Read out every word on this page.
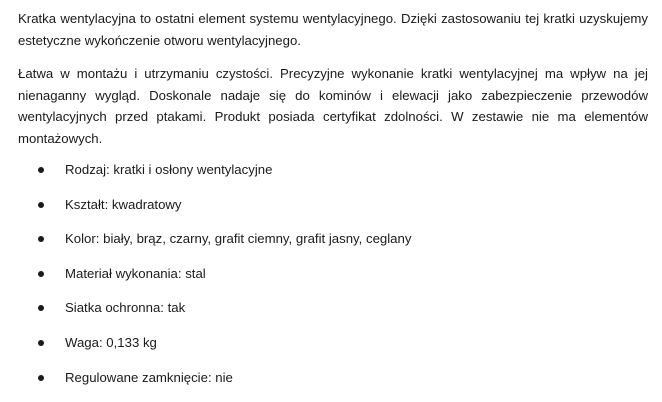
Kratka wentylacyjna to ostatni element systemu wentylacyjnego. Dzięki zastosowaniu tej kratki uzyskujemy estetyczne wykończenie otworu wentylacyjnego.

Łatwa w montażu i utrzymaniu czystości. Precyzyjne wykonanie kratki wentylacyjnej ma wpływ na jej nienaganny wygląd. Doskonale nadaje się do kominów i elewacji jako zabezpieczenie przewodów wentylacyjnych przed ptakami. Produkt posiada certyfikat zdolności. W zestawie nie ma elementów montażowych.

Rodzaj: kratki i osłony wentylacyjne
Kształt: kwadratowy
Kolor: biały, brąz, czarny, grafit ciemny, grafit jasny, ceglany
Materiał wykonania: stal
Siatka ochronna: tak
Waga: 0,133 kg
Regulowane zamknięcie: nie
